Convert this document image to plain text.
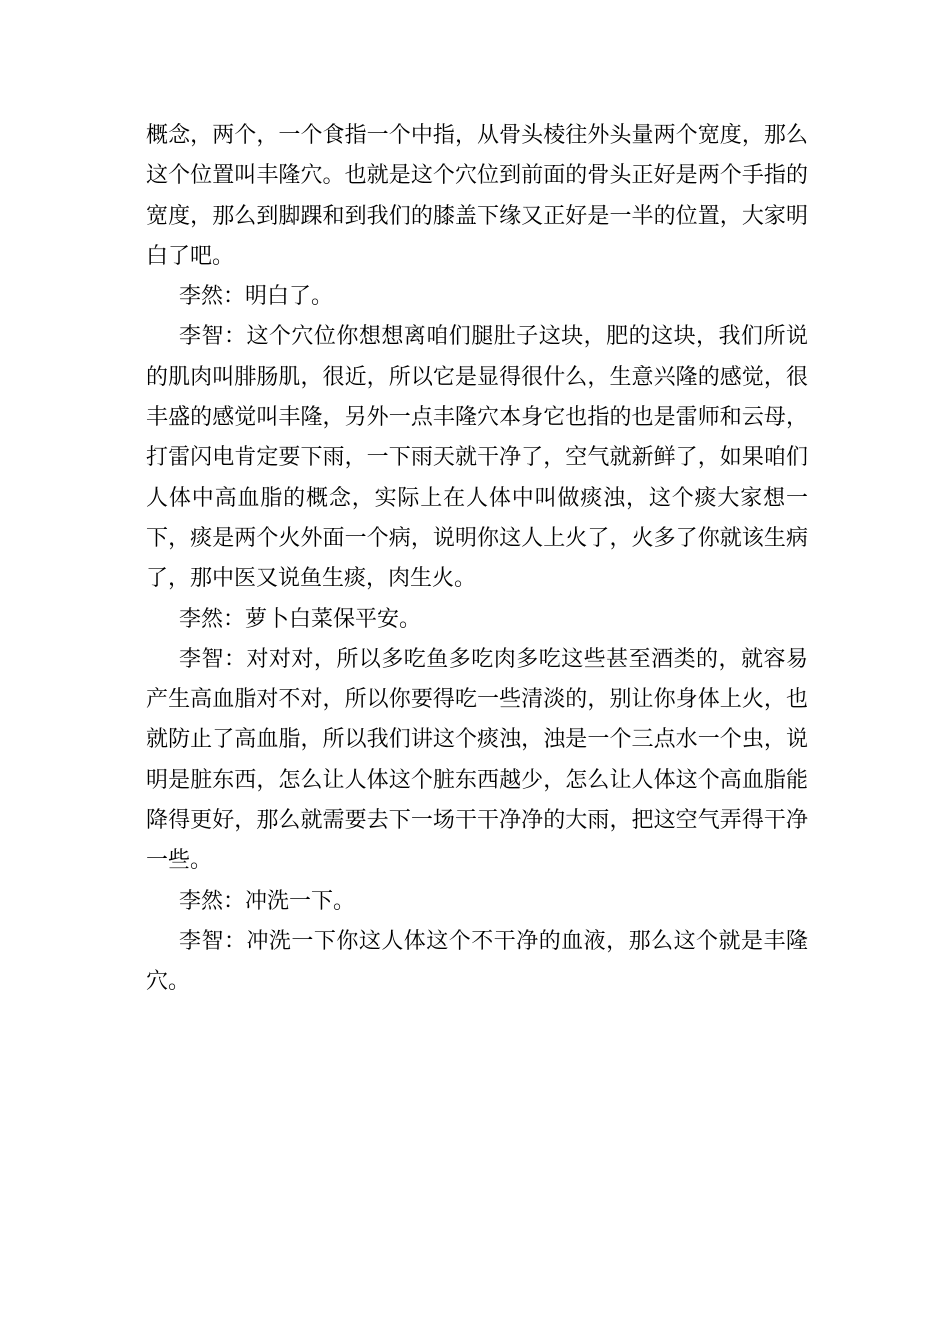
概念，两个，一个食指一个中指，从骨头棱往外头量两个宽度，那么这个位置叫丰隆穴。也就是这个穴位到前面的骨头正好是两个手指的宽度，那么到脚踝和到我们的膝盖下缘又正好是一半的位置，大家明白了吧。

李然：明白了。

李智：这个穴位你想想离咱们腿肚子这块，肥的这块，我们所说的肌肉叫腓肠肌，很近，所以它是显得很什么，生意兴隆的感觉，很丰盛的感觉叫丰隆，另外一点丰隆穴本身它也指的也是雷师和云母，打雷闪电肯定要下雨，一下雨天就干净了，空气就新鲜了，如果咱们人体中高血脂的概念，实际上在人体中叫做痰浊，这个痰大家想一下，痰是两个火外面一个病，说明你这人上火了，火多了你就该生病了，那中医又说鱼生痰，肉生火。

李然：萝卜白菜保平安。

李智：对对对，所以多吃鱼多吃肉多吃这些甚至酒类的，就容易产生高血脂对不对，所以你要得吃一些清淡的，别让你身体上火，也就防止了高血脂，所以我们讲这个痰浊，浊是一个三点水一个虫，说明是脏东西，怎么让人体这个脏东西越少，怎么让人体这个高血脂能降得更好，那么就需要去下一场干干净净的大雨，把这空气弄得干净一些。

李然：冲洗一下。

李智：冲洗一下你这人体这个不干净的血液，那么这个就是丰隆穴。
